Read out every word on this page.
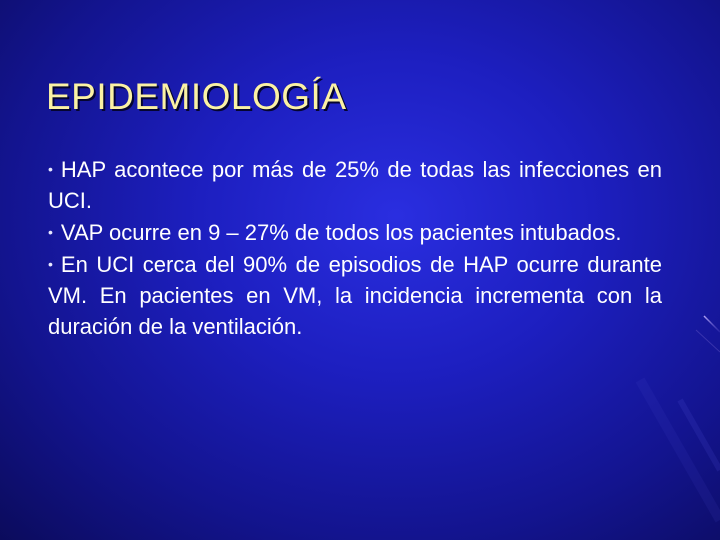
EPIDEMIOLOGÍA
• HAP acontece por más de 25% de todas las infecciones en UCI.
• VAP ocurre en 9 – 27% de todos los pacientes intubados.
• En UCI cerca del 90% de episodios de HAP ocurre durante VM. En pacientes en VM, la incidencia incrementa con la duración de la ventilación.
